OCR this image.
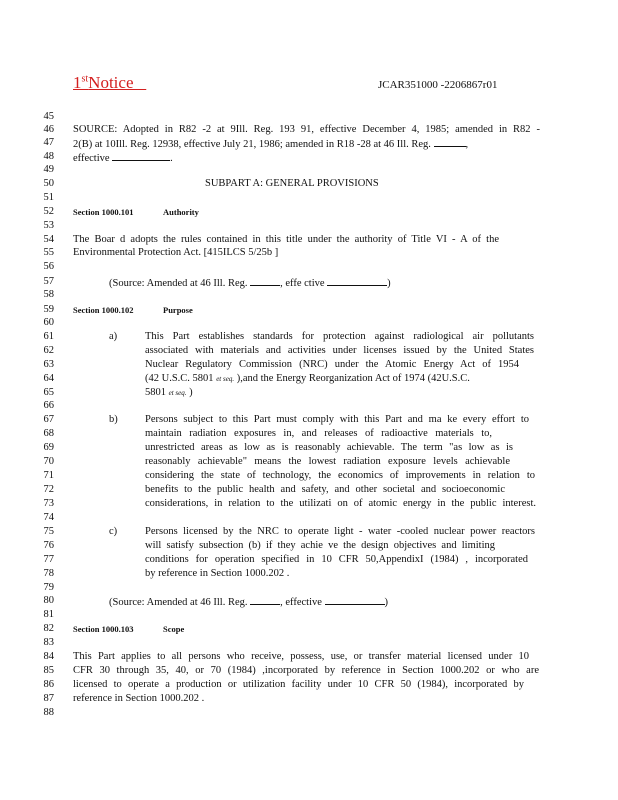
1stNotice	JCAR351000 -2206867r01
45
46
47
48
49
50
51
52
53
54
55
56
57
58
59
60
61
62
63
64
65
66
67
68
69
70
71
72
73
74
75
76
77
78
79
80
81
82
83
84
85
86
87
88
SOURCE: Adopted in R82 -2 at 9Ill. Reg. 193 91, effective December 4, 1985; amended in R82 -
2(B) at 10Ill. Reg. 12938, effective July 21, 1986; amended in R18 -28 at 46 Ill. Reg.	,
effective	.
SUBPART A: GENERAL PROVISIONS
Section 1000.101	Authority
The Boar d adopts the rules contained in this title under the authority of Title VI - A of the
Environmental Protection Act. [415ILCS 5/25b ]
(Source: Amended at 46 Ill. Reg.	, effe ctive	)
Section 1000.102	Purpose
a)	This Part establishes standards for protection against radiological air pollutants
associated with materials and activities under licenses issued by the United States
Nuclear Regulatory Commission (NRC) under the Atomic Energy Act of 1954
(42 U.S.C. 5801 et seq. ),and the Energy Reorganization Act of 1974 (42U.S.C.
5801 et seq. )
b)	Persons subject to this Part must comply with this Part and ma ke every effort to
maintain radiation exposures in, and releases of radioactive materials to,
unrestricted areas as low as is reasonably achievable. The term "as low as is
reasonably achievable" means the lowest radiation exposure levels achievable
considering the state of technology, the economics of improvements in relation to
benefits to the public health and safety, and other societal and socioeconomic
considerations, in relation to the utilizati on of atomic energy in the public interest.
c)	Persons licensed by the NRC to operate light - water -cooled nuclear power reactors
will satisfy subsection (b) if they achie ve the design objectives and limiting
conditions for operation specified in 10 CFR 50,AppendixI (1984) , incorporated
by reference in Section 1000.202 .
(Source: Amended at 46 Ill. Reg.	, effective	)
Section 1000.103	Scope
This Part applies to all persons who receive, possess, use, or transfer material licensed under 10
CFR 30 through 35, 40, or 70 (1984) ,incorporated by reference in Section 1000.202 or who are
licensed to operate a production or utilization facility under 10 CFR 50 (1984), incorporated by
reference in Section 1000.202 .
